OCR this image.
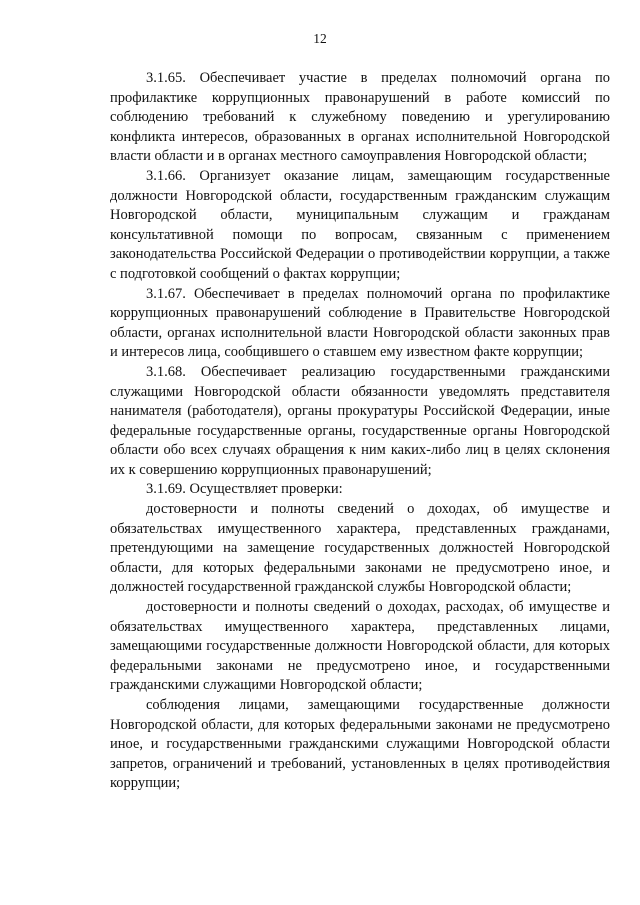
12

3.1.65. Обеспечивает участие в пределах полномочий органа по профилактике коррупционных правонарушений в работе комиссий по соблюдению требований к служебному поведению и урегулированию конфликта интересов, образованных в органах исполнительной Новгородской власти области и в органах местного самоуправления Новгородской области;

3.1.66. Организует оказание лицам, замещающим государственные должности Новгородской области, государственным гражданским служащим Новгородской области, муниципальным служащим и гражданам консультативной помощи по вопросам, связанным с применением законодательства Российской Федерации о противодействии коррупции, а также с подготовкой сообщений о фактах коррупции;

3.1.67. Обеспечивает в пределах полномочий органа по профилактике коррупционных правонарушений соблюдение в Правительстве Новгородской области, органах исполнительной власти Новгородской области законных прав и интересов лица, сообщившего о ставшем ему известном факте коррупции;

3.1.68. Обеспечивает реализацию государственными гражданскими служащими Новгородской области обязанности уведомлять представителя нанимателя (работодателя), органы прокуратуры Российской Федерации, иные федеральные государственные органы, государственные органы Новгородской области обо всех случаях обращения к ним каких-либо лиц в целях склонения их к совершению коррупционных правонарушений;

3.1.69. Осуществляет проверки:

достоверности и полноты сведений о доходах, об имуществе и обязательствах имущественного характера, представленных гражданами, претендующими на замещение государственных должностей Новгородской области, для которых федеральными законами не предусмотрено иное, и должностей государственной гражданской службы Новгородской области;

достоверности и полноты сведений о доходах, расходах, об имуществе и обязательствах имущественного характера, представленных лицами, замещающими государственные должности Новгородской области, для которых федеральными законами не предусмотрено иное, и государственными гражданскими служащими Новгородской области;

соблюдения лицами, замещающими государственные должности Новгородской области, для которых федеральными законами не предусмотрено иное, и государственными гражданскими служащими Новгородской области запретов, ограничений и требований, установленных в целях противодействия коррупции;
